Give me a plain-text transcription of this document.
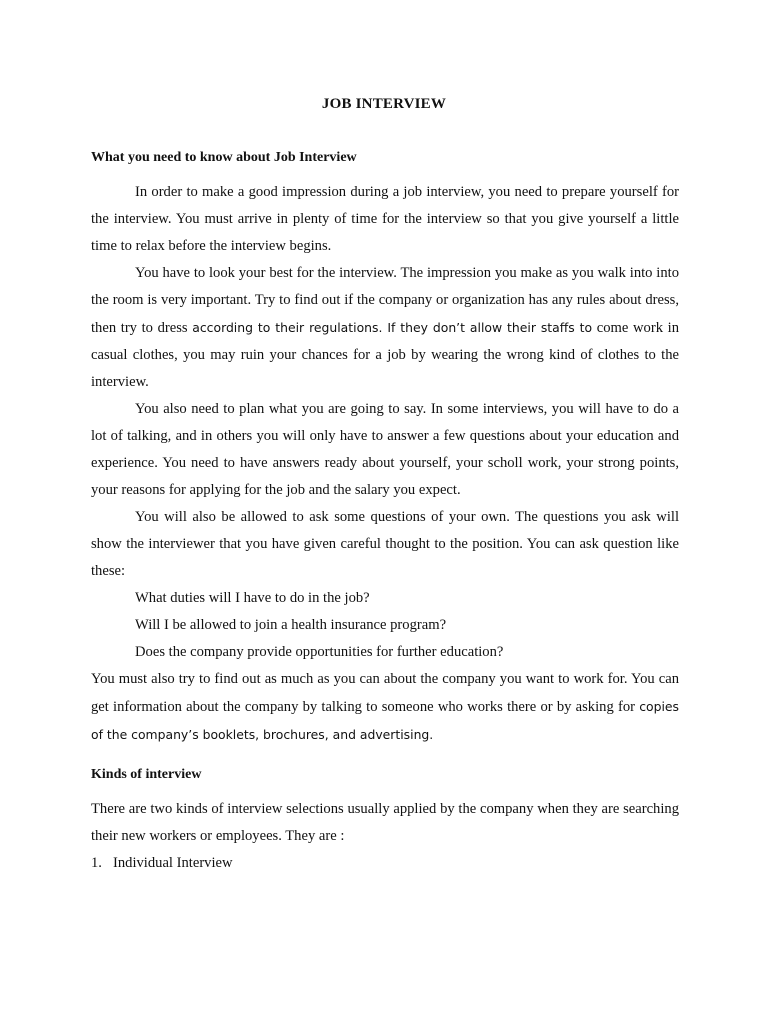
JOB INTERVIEW
What you need to know about Job Interview

In order to make a good impression during a job interview, you need to prepare yourself for the interview. You must arrive in plenty of time for the interview so that you give yourself a little time to relax before the interview begins.

You have to look your best for the interview. The impression you make as you walk into into the room is very important. Try to find out if the company or organization has any rules about dress, then try to dress according to their regulations. If they don’t allow their staffs to come work in casual clothes, you may ruin your chances for a job by wearing the wrong kind of clothes to the interview.

You also need to plan what you are going to say. In some interviews, you will have to do a lot of talking, and in others you will only have to answer a few questions about your education and experience. You need to have answers ready about yourself, your scholl work, your strong points, your reasons for applying for the job and the salary you expect.

You will also be allowed to ask some questions of your own. The questions you ask will show the interviewer that you have given careful thought to the position. You can ask question like these:

What duties will I have to do in the job?

Will I be allowed to join a health insurance program?

Does the company provide opportunities for further education?

You must also try to find out as much as you can about the company you want to work for. You can get information about the company by talking to someone who works there or by asking for copies of the company’s booklets, brochures, and advertising.

Kinds of interview

There are two kinds of interview selections usually applied by the company when they are searching their new workers or employees. They are :

1. Individual Interview
